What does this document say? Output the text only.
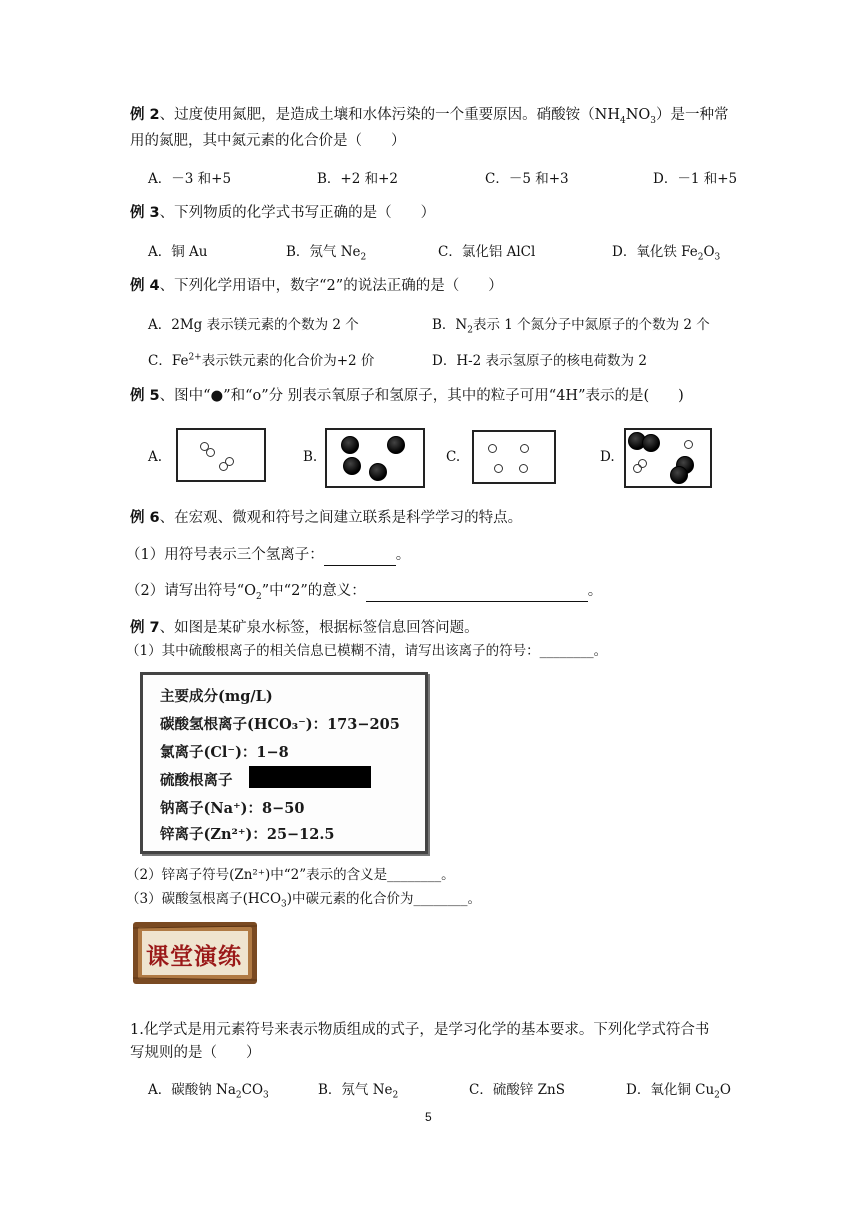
例 2、过度使用氮肥，是造成土壤和水体污染的一个重要原因。硝酸铵$(NH_4NO_3)$是一种常
用的氮肥，其中氮元素的化合价是（　　）
A．－3 和+5	B．+2 和+2	C．－5 和+3	D．－1 和+5
例 3、下列物质的化学式书写正确的是（　　）
A．铜 Au	B．氖气 $Ne_2$	C．氯化铝 AlCl	D．氧化铁 $Fe_2O_3$
例 4、下列化学用语中，数字“2”的说法正确的是（　　）
A．2Mg 表示镁元素的个数为 2 个	B．$N_2$表示 1 个氮分子中氮原子的个数为 2 个
C．$Fe^{2+}$表示铁元素的化合价为+2 价	D．H-2 表示氢原子的核电荷数为 2
例 5、图中“●”和“o”分 别表示氧原子和氢原子，其中的粒子可用“4H”表示的是(　　)
A.	B.	C.	D.
例 6、在宏观、微观和符号之间建立联系是科学学习的特点。
（1）用符号表示三个氢离子：	。
（2）请写出符号“$O_2$”中“2”的意义：	。
例 7、如图是某矿泉水标签，根据标签信息回答问题。
（1）其中硫酸根离子的相关信息已模糊不清，请写出该离子的符号：________。
主要成分(mg/L)
碳酸氢根离子(HCO₃⁻)：173−205
氯离子(Cl⁻)：1−8
硫酸根离子
钠离子(Na⁺)：8−50
锌离子(Zn²⁺)：25−12.5
（2）锌离子符号(Zn²⁺)中“2”表示的含义是________。
（3）碳酸氢根离子$(HCO_3)$中碳元素的化合价为________。
课堂演练
1.化学式是用元素符号来表示物质组成的式子，是学习化学的基本要求。下列化学式符合书
写规则的是（　　）
A．碳酸钠 $Na_2CO_3$	B．氖气 $Ne_2$	C．硫酸锌 ZnS	D．氧化铜 $Cu_2O$
5
